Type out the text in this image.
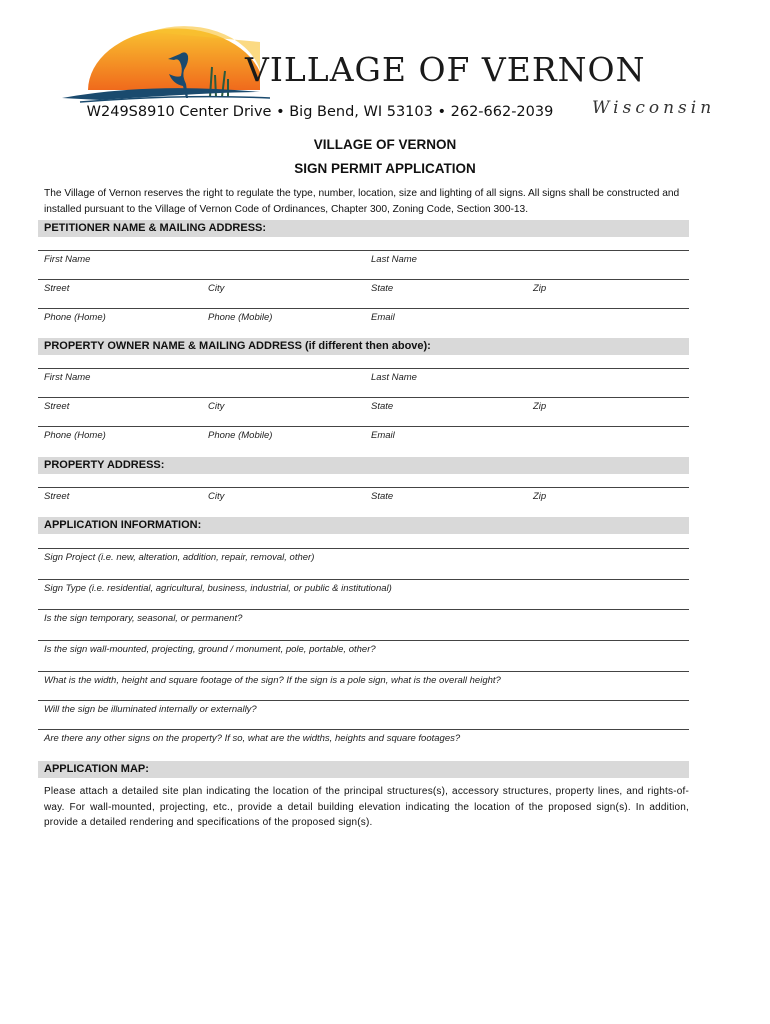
VILLAGE OF VERNON
Wisconsin
W249S8910 Center Drive • Big Bend, WI 53103 • 262-662-2039
VILLAGE OF VERNON
SIGN PERMIT APPLICATION
The Village of Vernon reserves the right to regulate the type, number, location, size and lighting of all signs. All signs shall be constructed and installed pursuant to the Village of Vernon Code of Ordinances, Chapter 300, Zoning Code, Section 300-13.
PETITIONER NAME & MAILING ADDRESS:
First Name	Last Name
Street	City	State	Zip
Phone (Home)	Phone (Mobile)	Email
PROPERTY OWNER NAME & MAILING ADDRESS (if different then above):
First Name	Last Name
Street	City	State	Zip
Phone (Home)	Phone (Mobile)	Email
PROPERTY ADDRESS:
Street	City	State	Zip
APPLICATION INFORMATION:
Sign Project (i.e. new, alteration, addition, repair, removal, other)
Sign Type (i.e. residential, agricultural, business, industrial, or public & institutional)
Is the sign temporary, seasonal, or permanent?
Is the sign wall-mounted, projecting, ground / monument, pole, portable, other?
What is the width, height and square footage of the sign? If the sign is a pole sign, what is the overall height?
Will the sign be illuminated internally or externally?
Are there any other signs on the property? If so, what are the widths, heights and square footages?
APPLICATION MAP:
Please attach a detailed site plan indicating the location of the principal structures(s), accessory structures, property lines, and rights-of-way. For wall-mounted, projecting, etc., provide a detail building elevation indicating the location of the proposed sign(s). In addition, provide a detailed rendering and specifications of the proposed sign(s).
